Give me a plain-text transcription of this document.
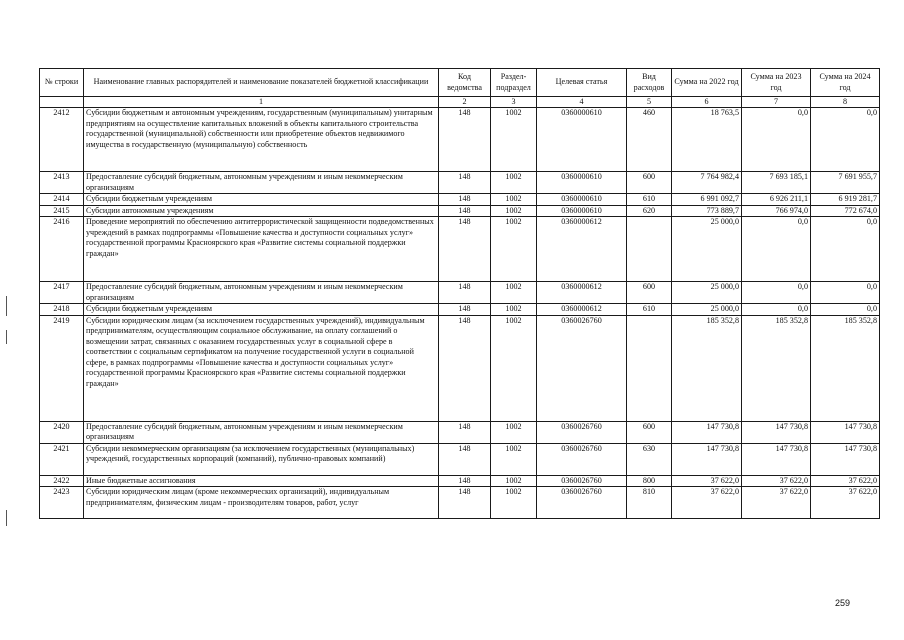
№ строки	Наименование главных распорядителей и наименование показателей бюджетной классификации	Код ведомства	Раздел-подраздел	Целевая статья	Вид расходов	Сумма на 2022 год	Сумма на 2023 год	Сумма на 2024 год
	1	2	3	4	5	6	7	8
2412	Субсидии бюджетным и автономным учреждениям, государственным (муниципальным) унитарным предприятиям на осуществление капитальных вложений в объекты капитального строительства государственной (муниципальной) собственности или приобретение объектов недвижимого имущества в государственную (муниципальную) собственность	148	1002	0360000610	460	18 763,5	0,0	0,0
2413	Предоставление субсидий бюджетным, автономным учреждениям и иным некоммерческим организациям	148	1002	0360000610	600	7 764 982,4	7 693 185,1	7 691 955,7
2414	Субсидии бюджетным учреждениям	148	1002	0360000610	610	6 991 092,7	6 926 211,1	6 919 281,7
2415	Субсидии автономным учреждениям	148	1002	0360000610	620	773 889,7	766 974,0	772 674,0
2416	Проведение мероприятий по обеспечению антитеррористической защищенности подведомственных учреждений в рамках подпрограммы «Повышение качества и доступности социальных услуг» государственной программы Красноярского края «Развитие системы социальной поддержки граждан»	148	1002	0360000612		25 000,0	0,0	0,0
2417	Предоставление субсидий бюджетным, автономным учреждениям и иным некоммерческим организациям	148	1002	0360000612	600	25 000,0	0,0	0,0
2418	Субсидии бюджетным учреждениям	148	1002	0360000612	610	25 000,0	0,0	0,0
2419	Субсидии юридическим лицам (за исключением государственных учреждений), индивидуальным предпринимателям, осуществляющим социальное обслуживание, на оплату соглашений о возмещении затрат, связанных с оказанием государственных услуг в социальной сфере в соответствии с социальным сертификатом на получение государственной услуги в социальной сфере, в рамках подпрограммы «Повышение качества и доступности социальных услуг» государственной программы Красноярского края «Развитие системы социальной поддержки граждан»	148	1002	0360026760		185 352,8	185 352,8	185 352,8
2420	Предоставление субсидий бюджетным, автономным учреждениям и иным некоммерческим организациям	148	1002	0360026760	600	147 730,8	147 730,8	147 730,8
2421	Субсидии некоммерческим организациям (за исключением государственных (муниципальных) учреждений, государственных корпораций (компаний), публично-правовых компаний)	148	1002	0360026760	630	147 730,8	147 730,8	147 730,8
2422	Иные бюджетные ассигнования	148	1002	0360026760	800	37 622,0	37 622,0	37 622,0
2423	Субсидии юридическим лицам (кроме некоммерческих организаций), индивидуальным предпринимателям, физическим лицам - производителям товаров, работ, услуг	148	1002	0360026760	810	37 622,0	37 622,0	37 622,0
259
